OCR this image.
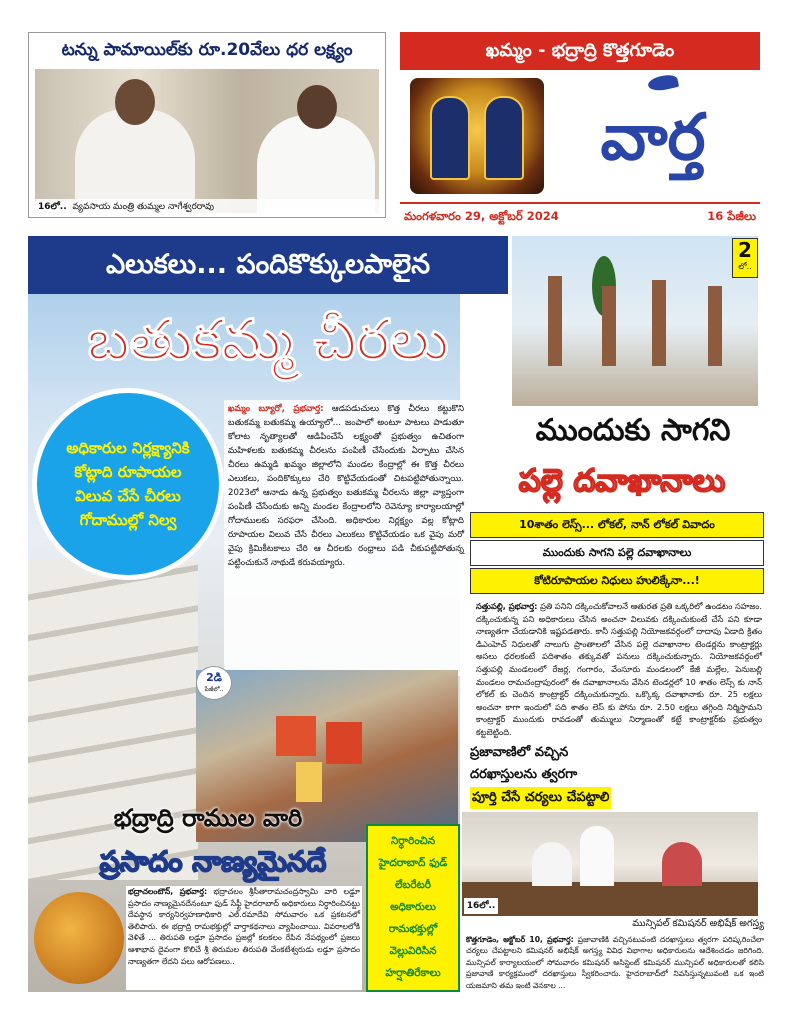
టన్ను పామాయిల్‌కు రూ.20వేలు ధర లక్ష్యం
16లో.. వ్యవసాయ మంత్రి తుమ్మల నాగేశ్వరరావు
ఖమ్మం - భద్రాద్రి కొత్తగూడెం
వార్త
మంగళవారం 29, అక్టోబర్ 2024	16 పేజీలు
ఎలుకలు... పందికొక్కులపాలైన
బతుకమ్మ చీరలు
అధికారుల నిర్లక్ష్యానికి కోట్లాది రూపాయల విలువ చేసే చీరలు గోదాముల్లో నిల్వ
ఖమ్మం బ్యూరో, ప్రభవార్త: ఆడపడుచులు కొత్త చీరలు కట్టుకొని బతుకమ్మ బతుకమ్మ ఉయ్యాలో... జంపాలో అంటూ పాటలు పాడుతూ కోలాట నృత్యాలతో ఆడిపించేసే లక్ష్యంతో ప్రభుత్వం ఉచితంగా మహిళలకు బతుకమ్మ చీరలను పంపిణీ చేసేందుకు ఏర్పాటు చేసిన చీరలు ఉమ్మడి ఖమ్మం జిల్లాలోని మండల కేంద్రాల్లో ఈ కొత్త చీరలు ఎలుకలు, పందికొక్కులు చేరి కొట్టివేయడంతో చిటపట్టిపోతున్నాయి. 2023లో ఆనాడు ఉన్న ప్రభుత్వం బతుకమ్మ చీరలను జిల్లా వ్యాప్తంగా పంపిణీ చేసేందుకు అన్ని మండల కేంద్రాలలోని రెవెన్యూ కార్యాలయాల్లో గోదాములకు సరఫరా చేసింది. అధికారుల నిర్లక్ష్యం వల్ల కోట్లాది రూపాయల విలువ చేసే చీరలు ఎలుకలు కొట్టివేయడం ఒక వైపు మరో వైపు క్రిమికీటకాలు చేరి ఆ చీరలకు రంధ్రాలు పడి చీకుపట్టిపోతున్న పట్టించుకునే నాథుడే కరువయ్యారు.
2
లో..
ముందుకు సాగని
పల్లె దవాఖానాలు
10శాతం లెస్స్... లోకల్, నాన్ లోకల్ వివాదం
ముందుకు సాగని పల్లె దవాఖానాలు
కోటిరూపాయల నిధులు హులిక్కేనా...!
సత్తుపల్లి, ప్రభవార్త: ప్రతి పనిని దక్కించుకోవాలనే ఆతురత ప్రతి ఒక్కరిలో ఉండటం సహజం. దక్కించుకున్న పని అధికారులు చేసిన అంచనా విలువకు దక్కించుకుంటే చేసే పని కూడా నాణ్యతగా చేయడానికి ఇష్టపడతారు. కానీ సత్తుపల్లి నియోజకవర్గంలో దాదాపు ఏడాది క్రితం డిఎంహెచ్ నిధులతో నాలుగు ప్రాంతాలలో వేసిన పల్లె దవాఖానాల టెండర్లను కాంట్రాక్టర్లు అసలు ధరలకంటే పదిశాతం తక్కువతో పనులు దక్కించుకున్నారు. నియోజకవర్గంలో సత్తుపల్లి మండలంలో రేజర్ల, గంగారం, వేంసూరు మండలంలో కేజీ మల్లేల, పెనుబల్లి మండలం రామచంద్రాపురంలో ఈ దవాఖానాలను వేసిన టెండర్లలో 10 శాతం లెస్స్ కు నాన్ లోకల్ కు చెందిన కాంట్రాక్టర్ దక్కించుకున్నారు. ఒక్కొక్క దవాఖానాకు రూ. 25 లక్షలు అంచనా కాగా ఇందులో పది శాతం లెస్ కు పోను రూ. 2.50 లక్షలు తగ్గింది నిర్మిస్తామని కాంట్రాక్టర్ ముందుకు రావడంతో తుమ్ములు నిర్మాణంతో కట్టే కాంట్రాక్టర్‌కు ప్రభుత్వం కట్టబెట్టింది.
2డి
పేజీలో..
భద్రాద్రి రాముల వారి
ప్రసాదం నాణ్యమైనదే
భద్రాచలంటౌన్, ప్రభవార్త: భద్రాచలం శ్రీసీతారామచంద్రస్వామి వారి లడ్డూ ప్రసాదం నాణ్యమైనదేనంటూ ఫుడ్ సేఫ్టీ హైదరాబాద్ అధికారులు నిర్ధారించినట్టు దేవస్థాన కార్యనిర్వహణాధికారి ఎల్.రమాదేవి సోమవారం ఒక ప్రకటనలో తెలిపారు. ఈ భద్రాద్రి రామభక్తుల్లో వార్తాకథనాలు వ్యాపించాయి. వివరాలలోకి వెళితే ... తిరుపతి లడ్డూ ప్రసాదం ప్రజల్లో కలకలం రేపిన నేపథ్యంలో ప్రజలు ఆశాభావ దైవంగా కొలిచే శ్రీ తిరుమల తిరుపతి వేంకటేశ్వరుడు లడ్డూ ప్రసాదం నాణ్యతగా లేదని పలు ఆరోపణలు..
నిర్ధారించిన
హైదరాబాద్ ఫుడ్
లేబరేటరీ
అధికారులు
రామభక్తుల్లో
వెల్లువిరిసిన
హర్షాతిరేకాలు
ప్రజావాణిలో వచ్చిన
దరఖాస్తులను త్వరగా
పూర్తి చేసే చర్యలు చేపట్టాలి
16లో..
మున్సిపల్ కమిషనర్ అభిషేక్ అగస్త్య
కొత్తగూడెం, అక్టోబర్ 10, ప్రభవార్త: ప్రజావాణికి వచ్చినటువంటి దరఖాస్తులు త్వరగా పరిష్కరించేలా చర్యలు చేపట్టాలని కమిషనర్ అభిషేక్ అగస్త్య వివిధ విభాగాల అధికారులను ఆదేశించడం జరిగింది. మున్సిపల్ కార్యాలయంలో సోమవారం కమిషనర్ అసిస్టెంట్ కమిషనర్ మున్సిపల్ అధికారులతో కలిసి ప్రజావాణి కార్యక్రమంలో దరఖాస్తులు స్వీకరించారు. హైదరాబాద్‌లో నివసిస్తున్నటువంటి ఒక ఇంటి యజమాని తమ ఇంటి వెనకాల ...
